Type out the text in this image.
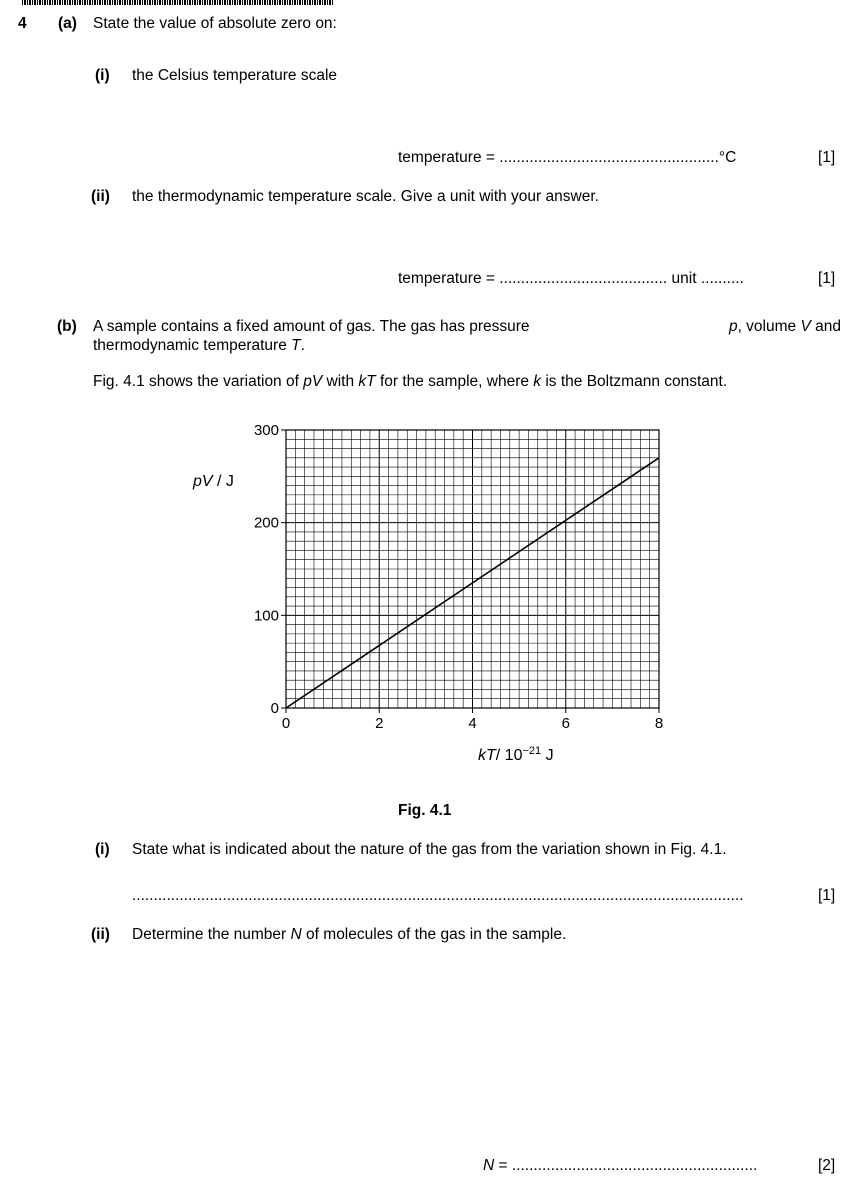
4 (a) State the value of absolute zero on:
(i) the Celsius temperature scale
temperature = ...................................................°C	[1]
(ii) the thermodynamic temperature scale. Give a unit with your answer.
temperature = ....................................... unit ..........	[1]
(b) A sample contains a fixed amount of gas. The gas has pressure	p, volume V and
thermodynamic temperature T.
Fig. 4.1 shows the variation of pV with kT for the sample, where k is the Boltzmann constant.
0
100
200
300
0	2	4	6	8
pV / J
kT/ $10^{-21}$ J
Fig. 4.1
(i) State what is indicated about the nature of the gas from the variation shown in Fig. 4.1.
..............................................................................................................................................	[1]
(ii) Determine the number N of molecules of the gas in the sample.
N = .........................................................	[2]
